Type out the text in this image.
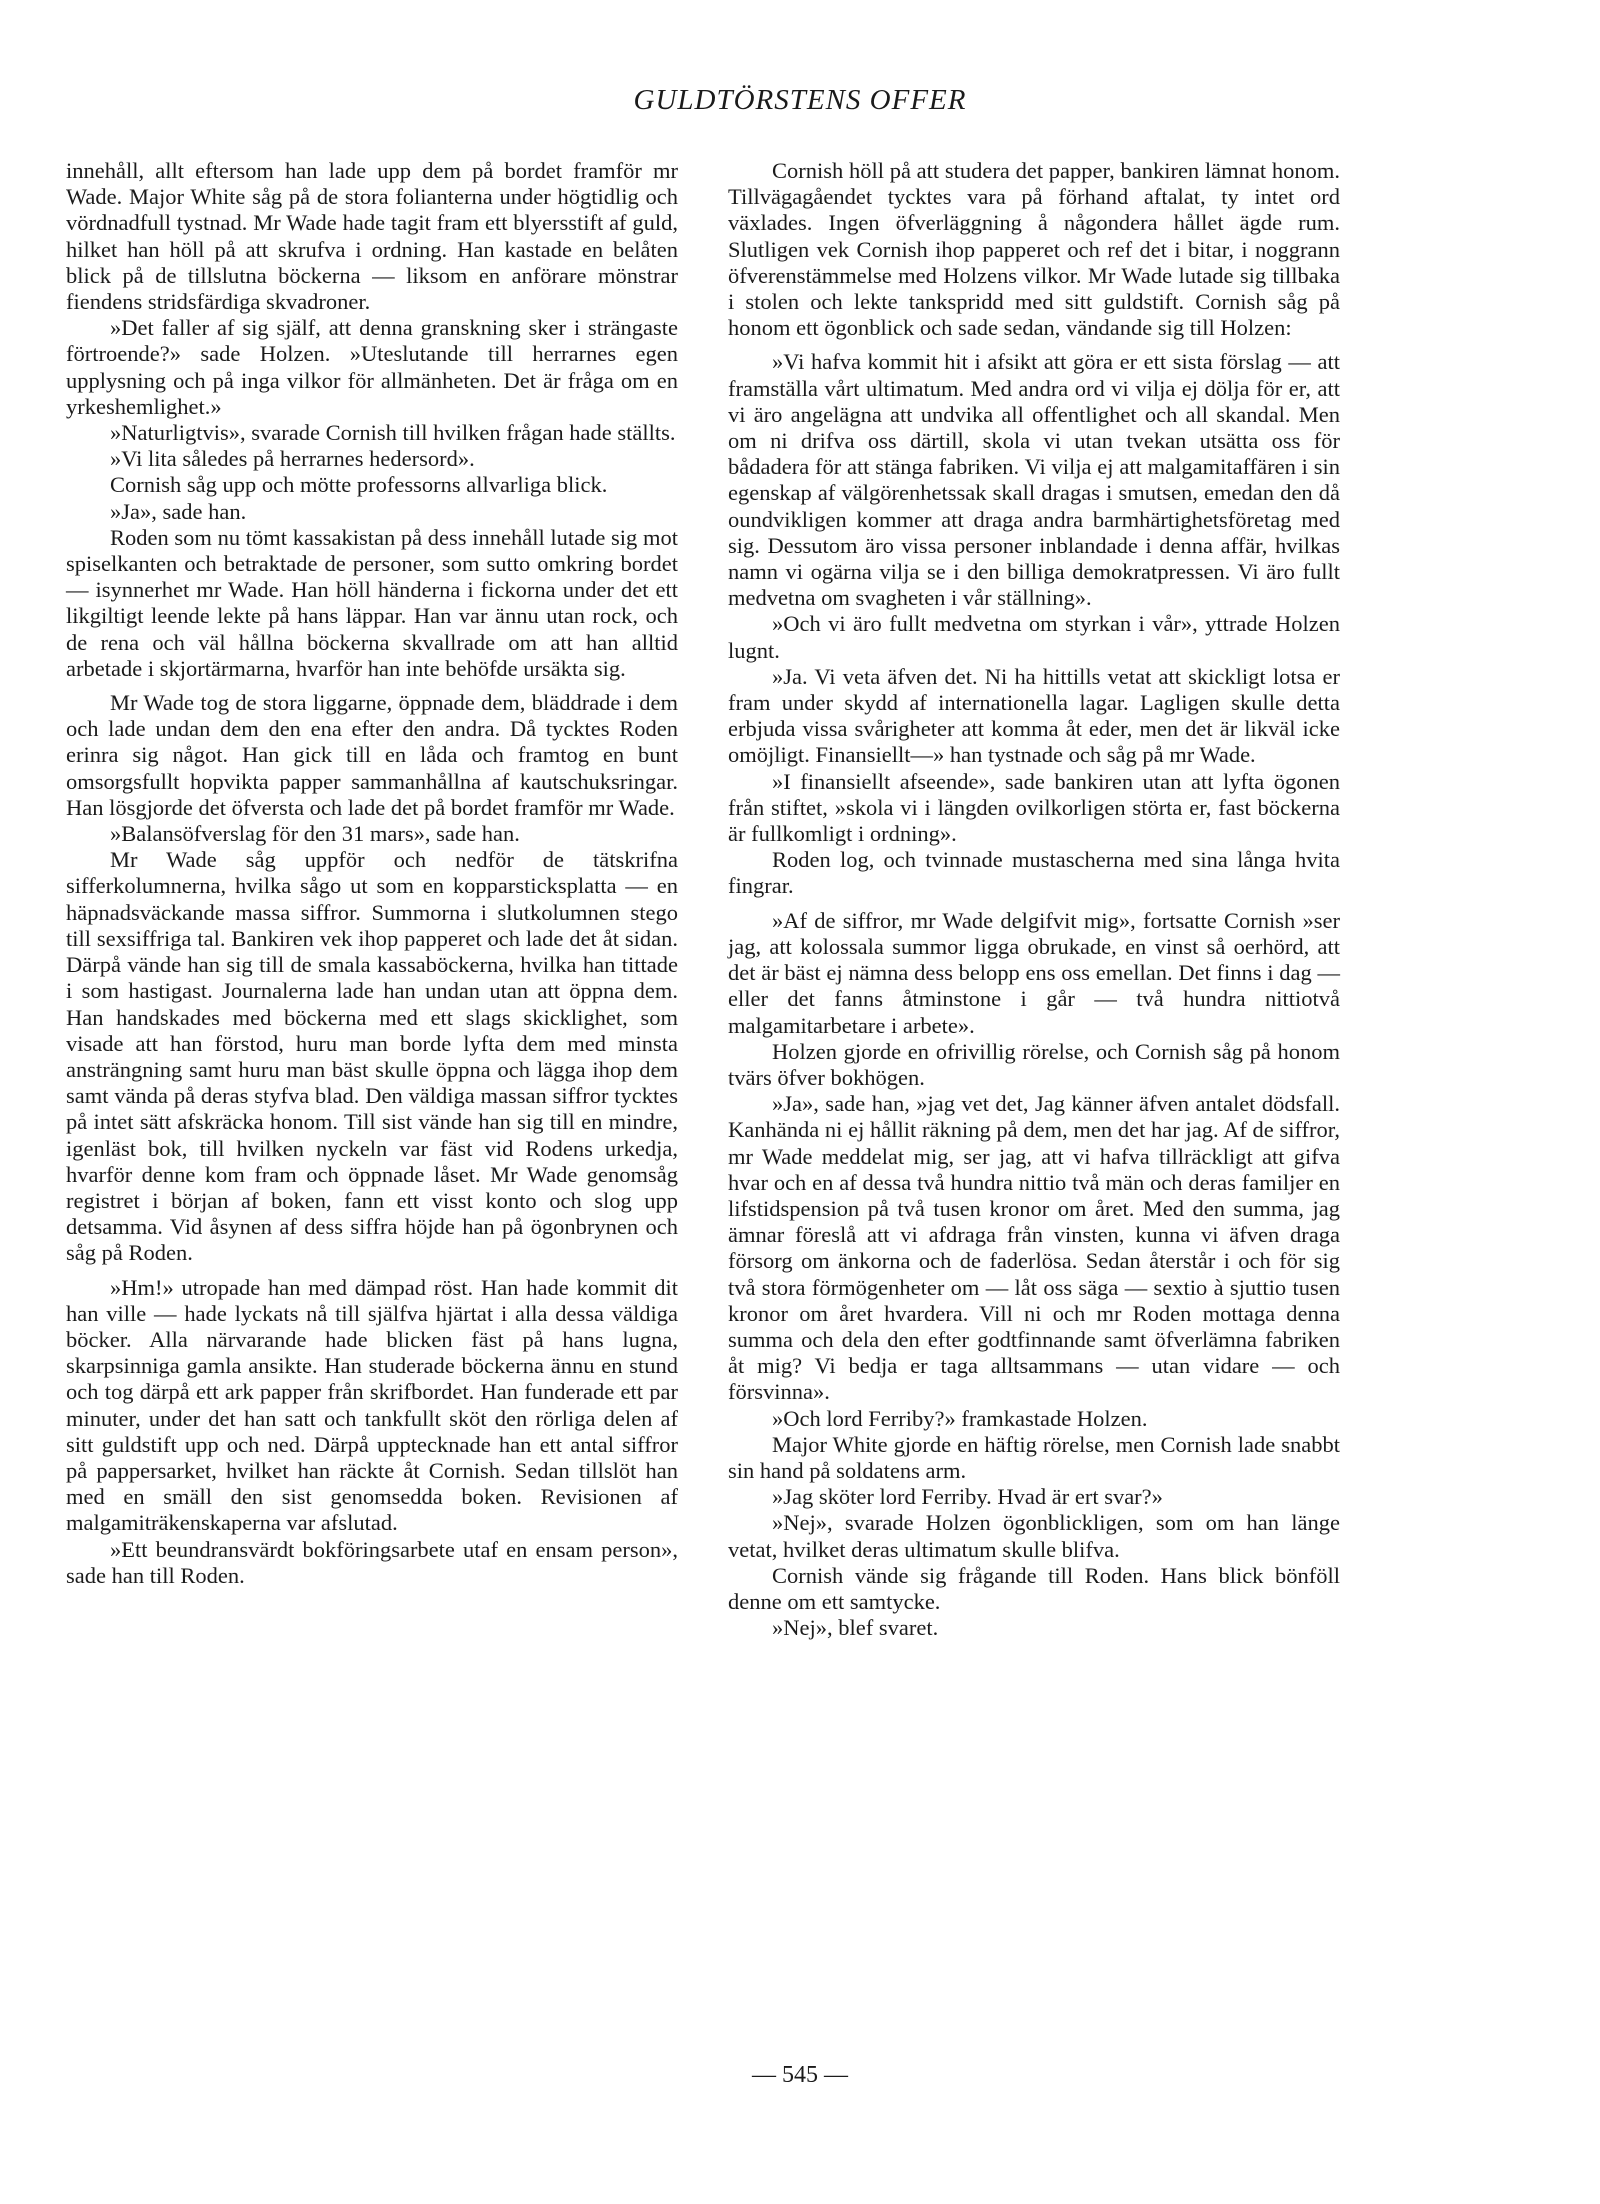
GULDTÖRSTENS OFFER

innehåll, allt eftersom han lade upp dem på bordet framför mr Wade. Major White såg på de stora folianterna under högtidlig och vördnadfull tystnad. Mr Wade hade tagit fram ett blyersstift af guld, hilket han höll på att skrufva i ordning. Han kastade en belåten blick på de tillslutna böckerna — liksom en anförare mönstrar fiendens stridsfärdiga skvadroner.

»Det faller af sig själf, att denna granskning sker i strängaste förtroende?» sade Holzen. »Uteslutande till herrarnes egen upplysning och på inga vilkor för allmänheten. Det är fråga om en yrkeshemlighet.»

»Naturligtvis», svarade Cornish till hvilken frågan hade ställts.

»Vi lita således på herrarnes hedersord».

Cornish såg upp och mötte professorns allvarliga blick.

»Ja», sade han.

Roden som nu tömt kassakistan på dess innehåll lutade sig mot spiselkanten och betraktade de personer, som sutto omkring bordet — isynnerhet mr Wade. Han höll händerna i fickorna under det ett likgiltigt leende lekte på hans läppar. Han var ännu utan rock, och de rena och väl hållna böckerna skvallrade om att han alltid arbetade i skjortärmarna, hvarför han inte behöfde ursäkta sig.

Mr Wade tog de stora liggarne, öppnade dem, bläddrade i dem och lade undan dem den ena efter den andra. Då tycktes Roden erinra sig något. Han gick till en låda och framtog en bunt omsorgsfullt hopvikta papper sammanhållna af kautschuksringar. Han lösgjorde det öfversta och lade det på bordet framför mr Wade.

»Balansöfverslag för den 31 mars», sade han.

Mr Wade såg uppför och nedför de tätskrifna sifferkolumnerna, hvilka sågo ut som en kopparsticksplatta — en häpnadsväckande massa siffror. Summorna i slutkolumnen stego till sexsiffriga tal. Bankiren vek ihop papperet och lade det åt sidan. Därpå vände han sig till de smala kassaböckerna, hvilka han tittade i som hastigast. Journalerna lade han undan utan att öppna dem. Han handskades med böckerna med ett slags skicklighet, som visade att han förstod, huru man borde lyfta dem med minsta ansträngning samt huru man bäst skulle öppna och lägga ihop dem samt vända på deras styfva blad. Den väldiga massan siffror tycktes på intet sätt afskräcka honom. Till sist vände han sig till en mindre, igenläst bok, till hvilken nyckeln var fäst vid Rodens urkedja, hvarför denne kom fram och öppnade låset. Mr Wade genomsåg registret i början af boken, fann ett visst konto och slog upp detsamma. Vid åsynen af dess siffra höjde han på ögonbrynen och såg på Roden.

»Hm!» utropade han med dämpad röst. Han hade kommit dit han ville — hade lyckats nå till själfva hjärtat i alla dessa väldiga böcker. Alla närvarande hade blicken fäst på hans lugna, skarpsinniga gamla ansikte. Han studerade böckerna ännu en stund och tog därpå ett ark papper från skrifbordet. Han funderade ett par minuter, under det han satt och tankfullt sköt den rörliga delen af sitt guldstift upp och ned. Därpå upptecknade han ett antal siffror på pappersarket, hvilket han räckte åt Cornish. Sedan tillslöt han med en smäll den sist genomsedda boken. Revisionen af malgamiträkenskaperna var afslutad.

»Ett beundransvärdt bokföringsarbete utaf en ensam person», sade han till Roden.

Cornish höll på att studera det papper, bankiren lämnat honom. Tillvägagåendet tycktes vara på förhand aftalat, ty intet ord växlades. Ingen öfverläggning å någondera hållet ägde rum. Slutligen vek Cornish ihop papperet och ref det i bitar, i noggrann öfverenstämmelse med Holzens vilkor. Mr Wade lutade sig tillbaka i stolen och lekte tankspridd med sitt guldstift. Cornish såg på honom ett ögonblick och sade sedan, vändande sig till Holzen:

»Vi hafva kommit hit i afsikt att göra er ett sista förslag — att framställa vårt ultimatum. Med andra ord vi vilja ej dölja för er, att vi äro angelägna att undvika all offentlighet och all skandal. Men om ni drifva oss därtill, skola vi utan tvekan utsätta oss för bådadera för att stänga fabriken. Vi vilja ej att malgamitaffären i sin egenskap af välgörenhetssak skall dragas i smutsen, emedan den då oundvikligen kommer att draga andra barmhärtighetsföretag med sig. Dessutom äro vissa personer inblandade i denna affär, hvilkas namn vi ogärna vilja se i den billiga demokratpressen. Vi äro fullt medvetna om svagheten i vår ställning».

»Och vi äro fullt medvetna om styrkan i vår», yttrade Holzen lugnt.

»Ja. Vi veta äfven det. Ni ha hittills vetat att skickligt lotsa er fram under skydd af internationella lagar. Lagligen skulle detta erbjuda vissa svårigheter att komma åt eder, men det är likväl icke omöjligt. Finansiellt—» han tystnade och såg på mr Wade.

»I finansiellt afseende», sade bankiren utan att lyfta ögonen från stiftet, »skola vi i längden ovilkorligen störta er, fast böckerna är fullkomligt i ordning».

Roden log, och tvinnade mustascherna med sina långa hvita fingrar.

»Af de siffror, mr Wade delgifvit mig», fortsatte Cornish »ser jag, att kolossala summor ligga obrukade, en vinst så oerhörd, att det är bäst ej nämna dess belopp ens oss emellan. Det finns i dag — eller det fanns åtminstone i går — två hundra nittiotvå malgamitarbetare i arbete».

Holzen gjorde en ofrivillig rörelse, och Cornish såg på honom tvärs öfver bokhögen.

»Ja», sade han, »jag vet det, Jag känner äfven antalet dödsfall. Kanhända ni ej hållit räkning på dem, men det har jag. Af de siffror, mr Wade meddelat mig, ser jag, att vi hafva tillräckligt att gifva hvar och en af dessa två hundra nittio två män och deras familjer en lifstidspension på två tusen kronor om året. Med den summa, jag ämnar föreslå att vi afdraga från vinsten, kunna vi äfven draga försorg om änkorna och de faderlösa. Sedan återstår i och för sig två stora förmögenheter om — låt oss säga — sextio à sjuttio tusen kronor om året hvardera. Vill ni och mr Roden mottaga denna summa och dela den efter godtfinnande samt öfverlämna fabriken åt mig? Vi bedja er taga alltsammans — utan vidare — och försvinna».

»Och lord Ferriby?» framkastade Holzen.

Major White gjorde en häftig rörelse, men Cornish lade snabbt sin hand på soldatens arm.

»Jag sköter lord Ferriby. Hvad är ert svar?»

»Nej», svarade Holzen ögonblickligen, som om han länge vetat, hvilket deras ultimatum skulle blifva.

Cornish vände sig frågande till Roden. Hans blick bönföll denne om ett samtycke.

»Nej», blef svaret.

— 545 —
